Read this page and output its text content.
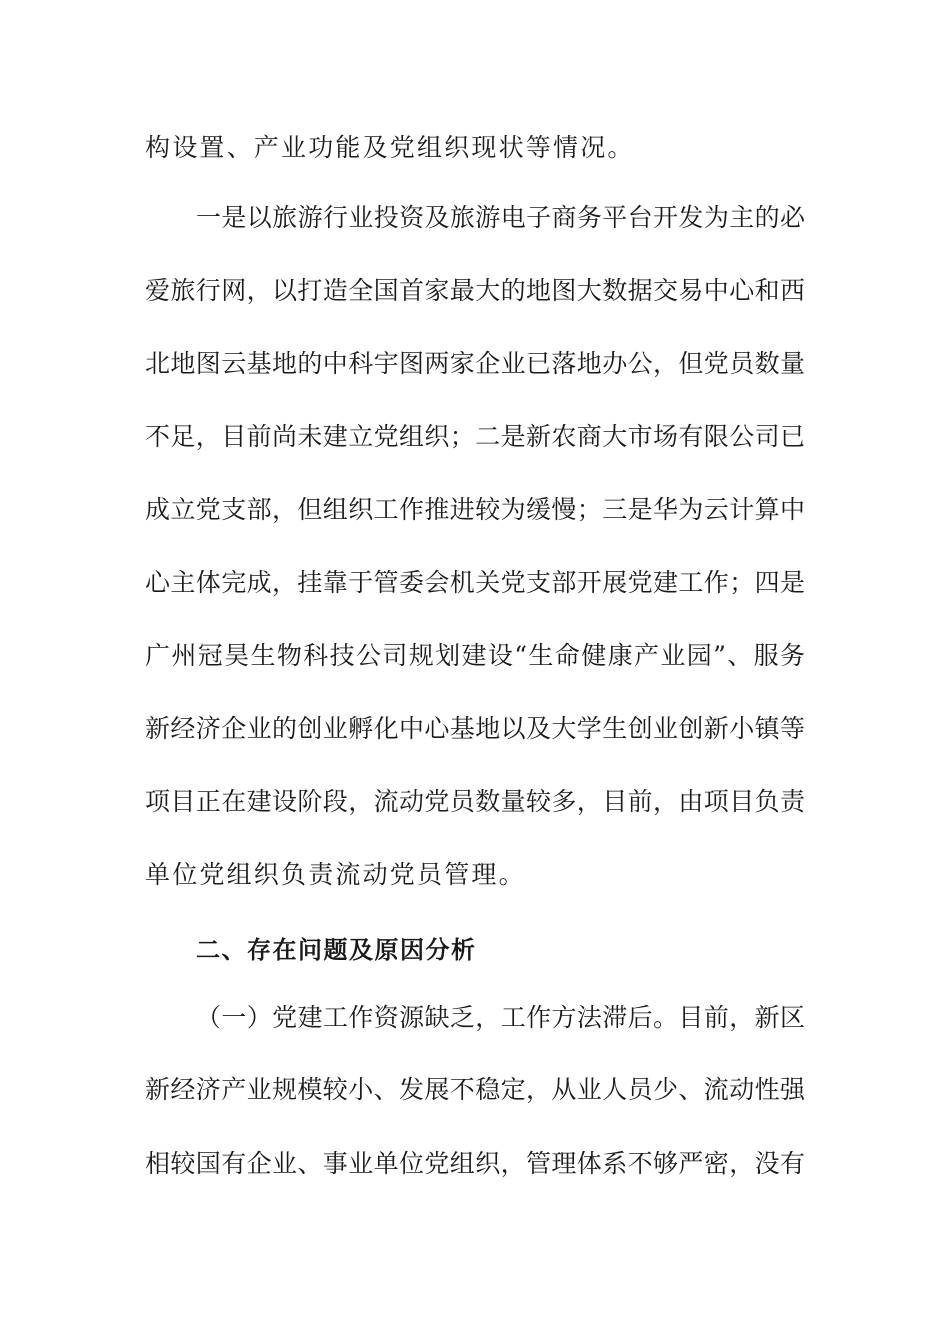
构设置、产业功能及党组织现状等情况。
一是以旅游行业投资及旅游电子商务平台开发为主的必
爱旅行网，以打造全国首家最大的地图大数据交易中心和西
北地图云基地的中科宇图两家企业已落地办公，但党员数量
不足，目前尚未建立党组织；二是新农商大市场有限公司已
成立党支部，但组织工作推进较为缓慢；三是华为云计算中
心主体完成，挂靠于管委会机关党支部开展党建工作；四是
广州冠昊生物科技公司规划建设“生命健康产业园”、服务
新经济企业的创业孵化中心基地以及大学生创业创新小镇等
项目正在建设阶段，流动党员数量较多，目前，由项目负责
单位党组织负责流动党员管理。
二、存在问题及原因分析
（一）党建工作资源缺乏，工作方法滞后。目前，新区
新经济产业规模较小、发展不稳定，从业人员少、流动性强
相较国有企业、事业单位党组织，管理体系不够严密，没有
